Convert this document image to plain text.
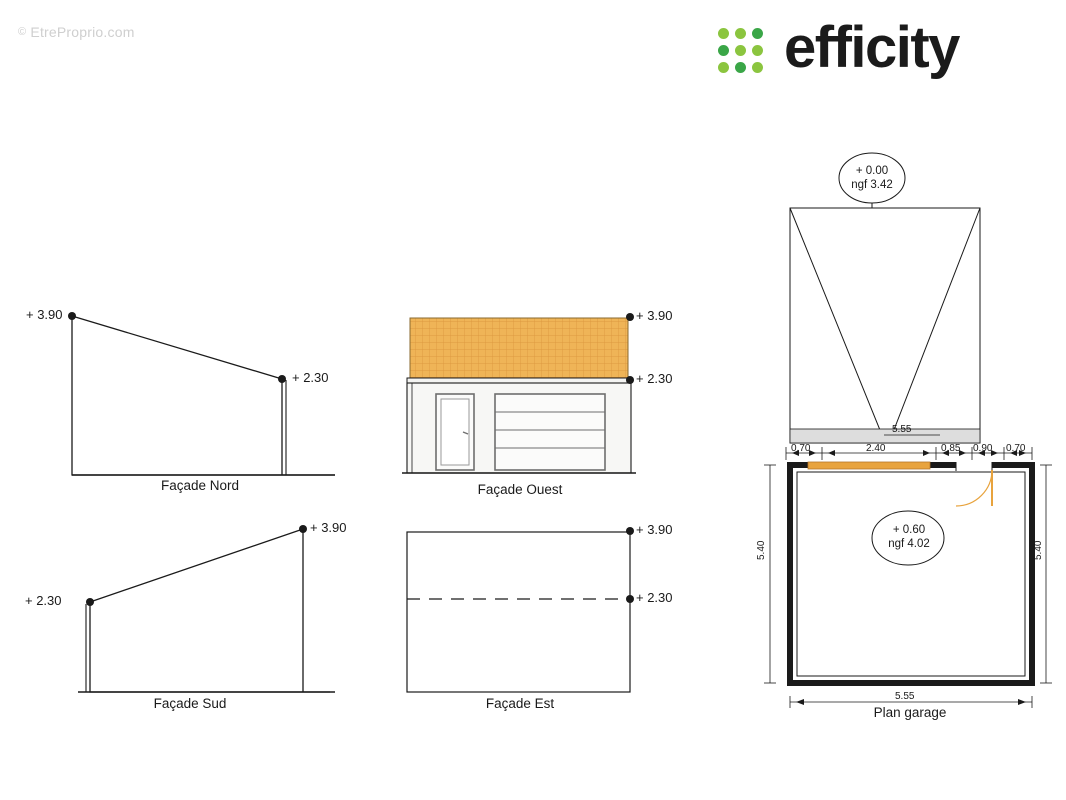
© EtreProprio.com	efficity
+ 3.90
+ 2.30
Façade Nord
+ 3.90
+ 2.30
Façade Ouest
+ 3.90
+ 2.30
Façade Sud
+ 3.90
+ 2.30
Façade Est
+ 0.00
ngf 3.42
+ 0.60
ngf 4.02
5.55
0.70	2.40	0.85 0.90 0.70
5.40	5.40
5.55
Plan garage
